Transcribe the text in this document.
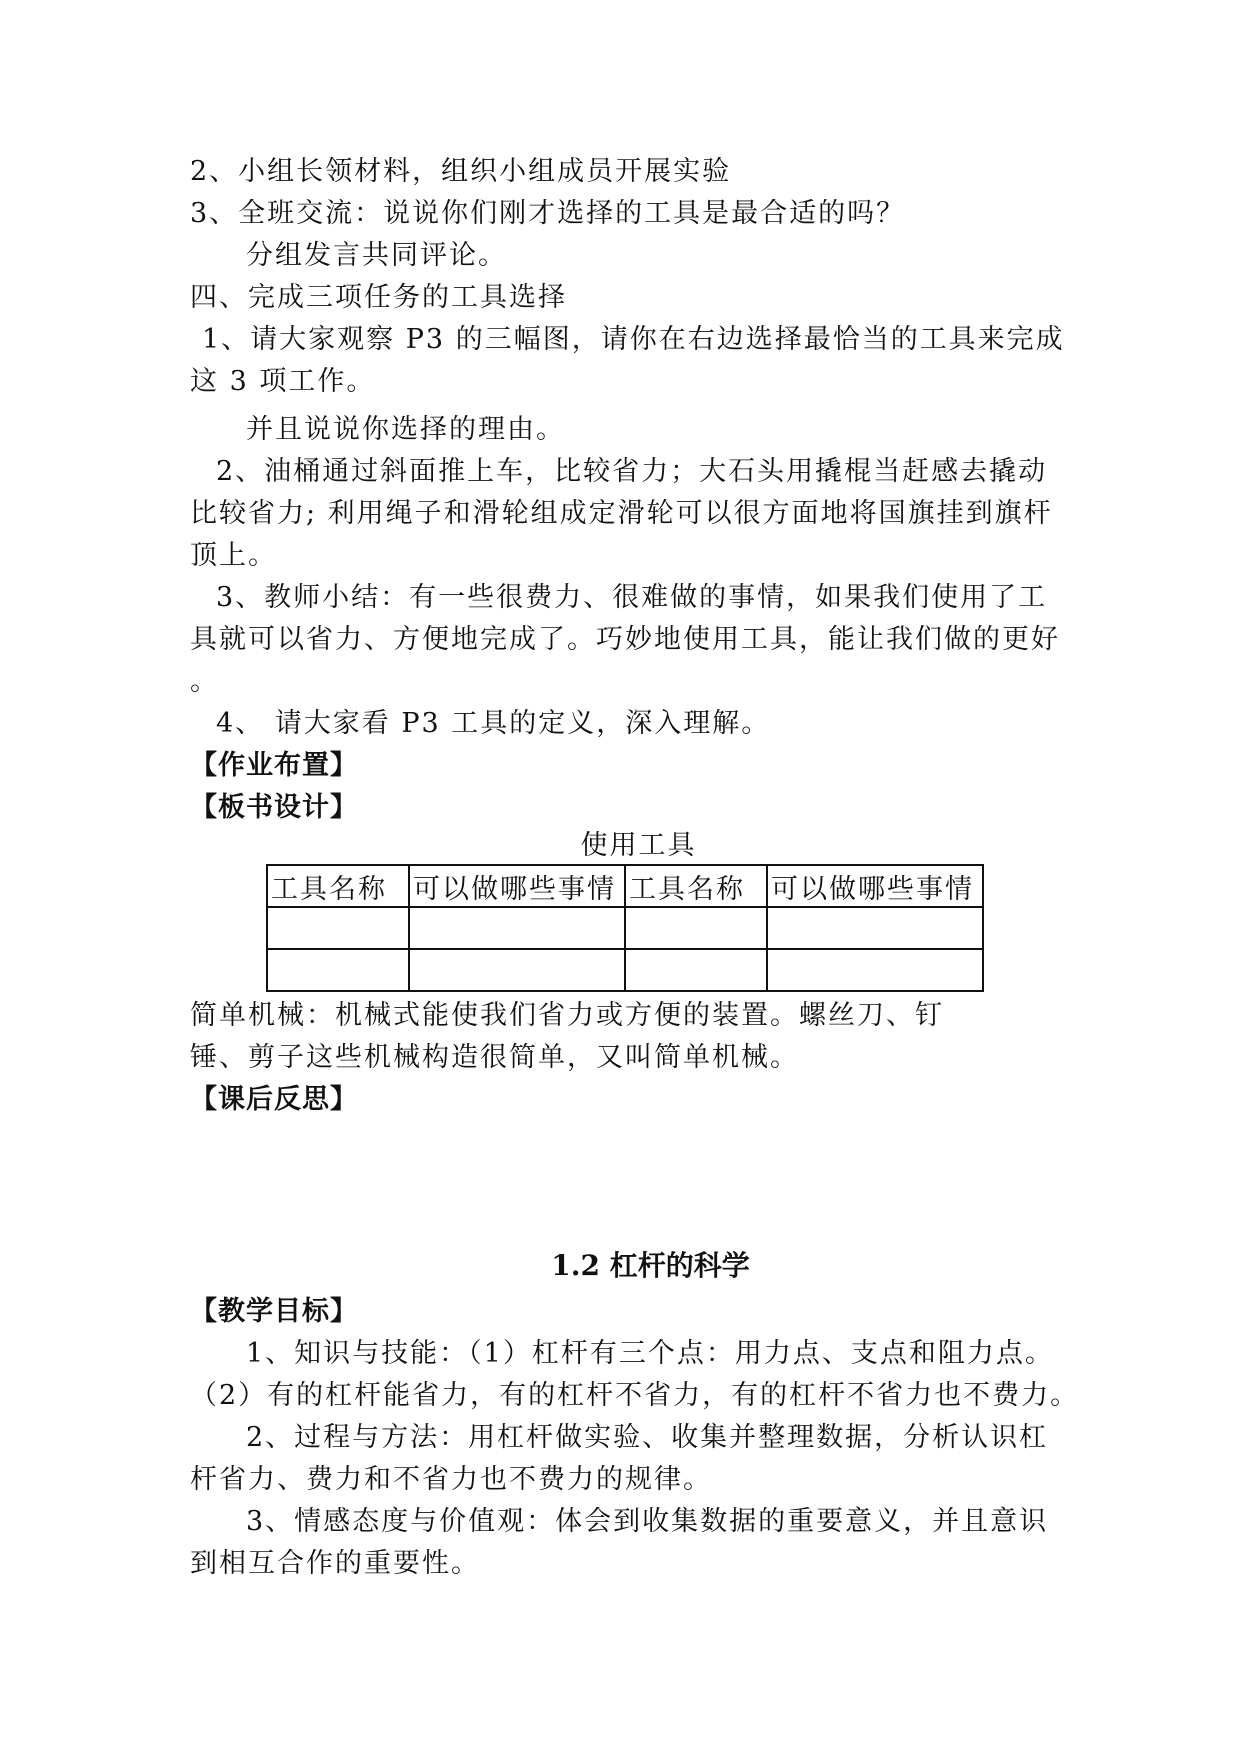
2、小组长领材料，组织小组成员开展实验
3、全班交流：说说你们刚才选择的工具是最合适的吗？
分组发言共同评论。
四、完成三项任务的工具选择
1、请大家观察 P3 的三幅图，请你在右边选择最恰当的工具来完成
这 3 项工作。
并且说说你选择的理由。
2、油桶通过斜面推上车，比较省力；大石头用撬棍当赶感去撬动
比较省力; 利用绳子和滑轮组成定滑轮可以很方面地将国旗挂到旗杆
顶上。
3、教师小结：有一些很费力、很难做的事情，如果我们使用了工
具就可以省力、方便地完成了。巧妙地使用工具，能让我们做的更好
。
4、 请大家看 P3 工具的定义，深入理解。
【作业布置】
【板书设计】
使用工具
工具名称	可以做哪些事情	工具名称	可以做哪些事情

简单机械：机械式能使我们省力或方便的装置。螺丝刀、钉
锤、剪子这些机械构造很简单，又叫简单机械。
【课后反思】
1.2 杠杆的科学
【教学目标】
1、知识与技能：（1）杠杆有三个点：用力点、支点和阻力点。
（2）有的杠杆能省力，有的杠杆不省力，有的杠杆不省力也不费力。
2、过程与方法：用杠杆做实验、收集并整理数据，分析认识杠
杆省力、费力和不省力也不费力的规律。
3、情感态度与价值观：体会到收集数据的重要意义，并且意识
到相互合作的重要性。
